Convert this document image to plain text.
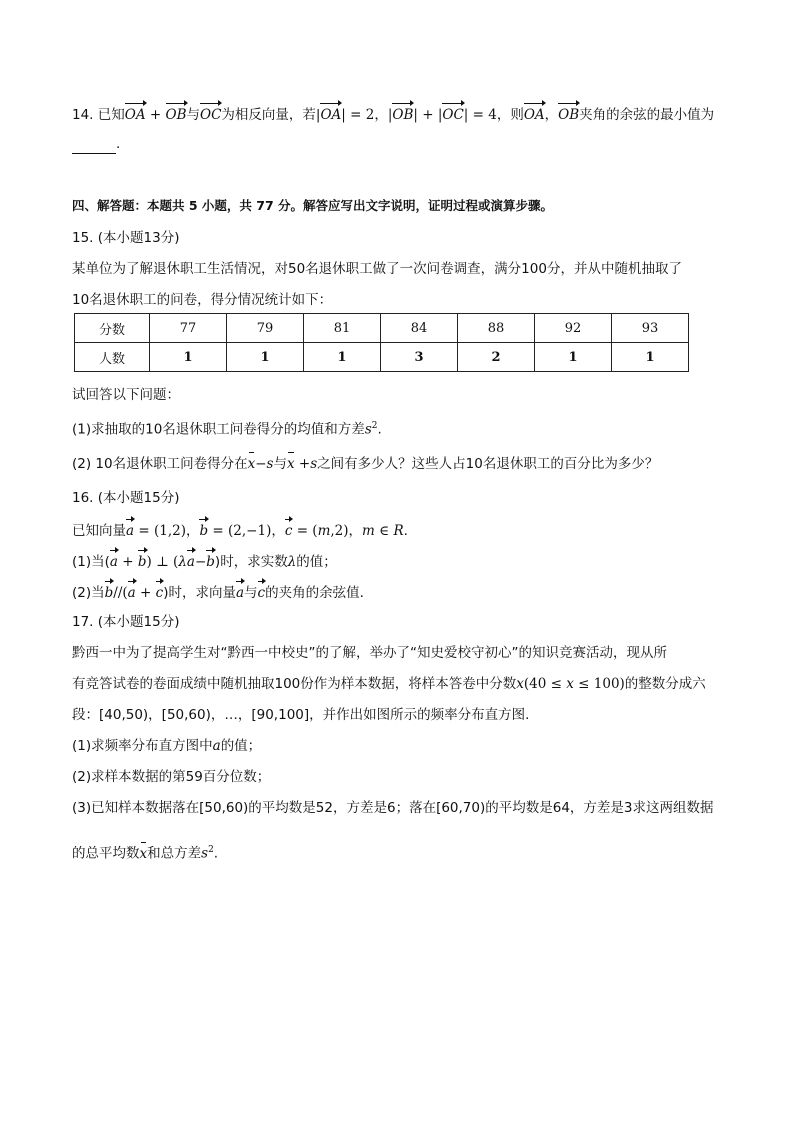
14. 已知OA + OB与OC为相反向量，若|OA| = 2，|OB| + |OC| = 4，则OA，OB夹角的余弦的最小值为
.
四、解答题：本题共 5 小题，共 77 分。解答应写出文字说明，证明过程或演算步骤。
15. (本小题13分)
某单位为了解退休职工生活情况，对50名退休职工做了一次问卷调查，满分100分，并从中随机抽取了
10名退休职工的问卷，得分情况统计如下：
分数	77	79	81	84	88	92	93
人数	1	1	1	3	2	1	1
试回答以下问题：
(1)求抽取的10名退休职工问卷得分的均值和方差$s^2$.
(2) 10名退休职工问卷得分在x−s与x +s之间有多少人？这些人占10名退休职工的百分比为多少？
16. (本小题15分)
已知向量a = (1,2)，b = (2,−1)，c = (m,2)，m ∈ R.
(1)当(a + b) ⊥ (λa−b)时，求实数λ的值；
(2)当b//(a + c)时，求向量a与c的夹角的余弦值.
17. (本小题15分)
黔西一中为了提高学生对“黔西一中校史”的了解，举办了“知史爱校守初心”的知识竞赛活动，现从所
有竞答试卷的卷面成绩中随机抽取100份作为样本数据，将样本答卷中分数x(40 ≤ x ≤ 100)的整数分成六
段：[40,50)，[50,60)，…，[90,100]，并作出如图所示的频率分布直方图.
(1)求频率分布直方图中a的值；
(2)求样本数据的第59百分位数；
(3)已知样本数据落在[50,60)的平均数是52，方差是6；落在[60,70)的平均数是64，方差是3求这两组数据
的总平均数x和总方差$s^2$.
